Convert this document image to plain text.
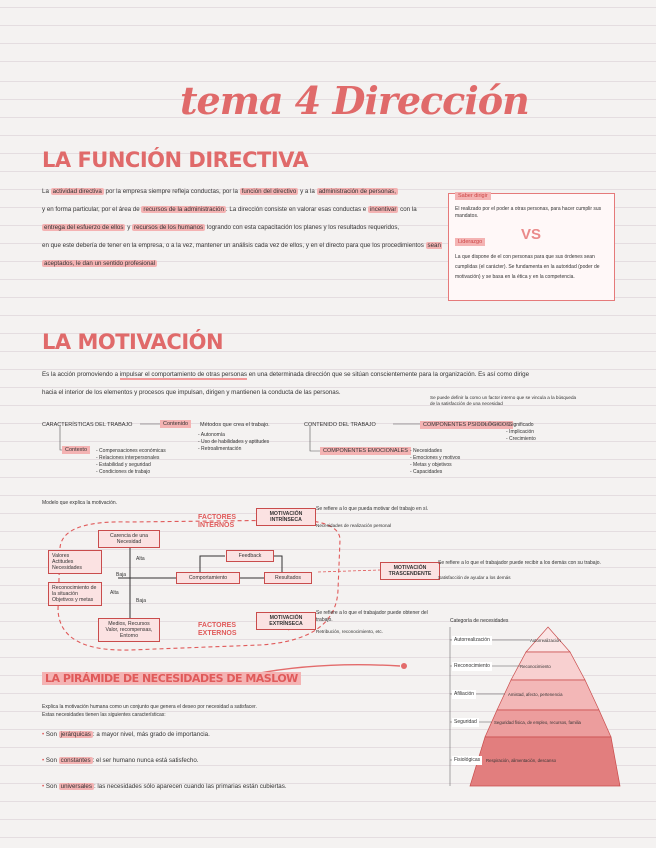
tema 4 Dirección
LA FUNCIÓN DIRECTIVA
La actividad directiva por la empresa siempre refleja conductas, por la función del directivo y a la administración de personas,
y en forma particular, por el área de recursos de la administración . La dirección consiste en valorar esas conductas e incentivar con la
entrega del esfuerzo de ellos y recursos de los humanos logrando con esta capacitación los planes y los resultados requeridos,
en que este debería de tener en la empresa, o a la vez, mantener un análisis cada vez de ellos, y en el directo para que los procedimientos sean
aceptados, le dan un sentido profesional
Saber dirigir
El realizado por el poder a otras personas, para hacer cumplir sus mandatos.
VS
Liderazgo
La que dispone de el con personas para que sus órdenes sean cumplidas (el carácter). Se fundamenta en la autoridad (poder de motivación) y se basa en la ética y en la competencia.
LA MOTIVACIÓN
Es la acción promoviendo a impulsar el comportamiento de otras personas en una determinada dirección que se sitúan conscientemente para la organización. Es así como dirige
hacia el interior de los elementos y procesos que impulsan, dirigen y mantienen la conducta de las personas.
Se puede definir la como un factor interno que se vincula a la búsqueda de la satisfacción de una necesidad
CARACTERÍSTICAS DEL TRABAJO	Contenido	Métodos que crea el trabajo.
- Autonomía
- Uso de habilidades y aptitudes
- Retroalimentación
Contexto	- Compensaciones económicas
- Relaciones interpersonales
- Estabilidad y seguridad
- Condiciones de trabajo
CONTENIDO DEL TRABAJO	COMPONENTES PSICOLÓGICOS
- Significado
- Implicación
- Crecimiento
COMPONENTES EMOCIONALES - Necesidades
- Emociones y motivos
- Metas y objetivos
- Capacidades
Modelo que explica la motivación.
Carencia de una Necesidad
Valores
Actitudes
Necesidades
Reconocimiento de la situación
Objetivos y metas
Feedback
Comportamiento	Resultados
Medios, Recursos Valor, recompensas, Entorno
Baja
Alta
Baja
Alta
FACTORES INTERNOS
FACTORES EXTERNOS
MOTIVACIÓN INTRÍNSECA
Se refiere a lo que pueda motivar del trabajo en sí.
Necesidades de realización personal
MOTIVACIÓN TRASCENDENTE
Se refiere a lo que el trabajador puede recibir a los demás con su trabajo.
Satisfacción de ayudar a los demás
MOTIVACIÓN EXTRÍNSECA
Se refiere a lo que el trabajador puede obtener del trabajo.
Retribución, reconocimiento, etc.
LA PIRÁMIDE DE NECESIDADES DE MASLOW
Explica la motivación humana como un conjunto que genera el deseo por necesidad a satisfacer.
Estas necesidades tienen las siguientes características:
• Son jerárquicas : a mayor nivel, más grado de importancia.
• Son constantes : el ser humano nunca está satisfecho.
• Son universales : las necesidades sólo aparecen cuando las primarias están cubiertas.
Categoría de necesidades
Autorrealización
Reconocimiento
Afiliación
Seguridad
Fisiológicas
Autorrealización
Reconocimiento
Amistad, afecto, pertenencia
Seguridad física, de empleo, recursos, familia
Respiración, alimentación, descanso
